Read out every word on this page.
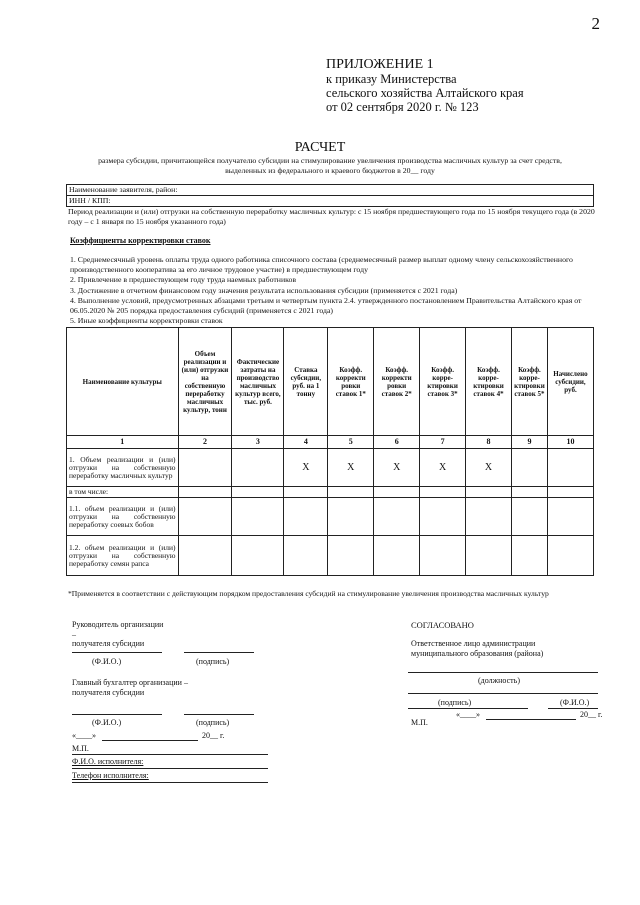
2
ПРИЛОЖЕНИЕ 1
к приказу Министерства
сельского хозяйства Алтайского края
от 02 сентября 2020 г. № 123
РАСЧЕТ
размера субсидии, причитающейся получателю субсидии на стимулирование увеличения производства масличных культур за счет средств,
выделенных из федерального и краевого бюджетов в 20__ году
Наименование заявителя, район:
ИНН / КПП:
Период реализации и (или) отгрузки на собственную переработку масличных культур: с 15 ноября предшествующего года по 15 ноября текущего года (в 2020 году – с 1 января по 15 ноября указанного года)
Коэффициенты корректировки ставок
1. Среднемесячный уровень оплаты труда одного работника списочного состава (среднемесячный размер выплат одному члену сельскохозяйственного производственного кооператива за его личное трудовое участие) в предшествующем году
2. Привлечение в предшествующем году труда наемных работников
3. Достижение в отчетном финансовом году значения результата использования субсидии (применяется с 2021 года)
4. Выполнение условий, предусмотренных абзацами третьим и четвертым пункта 2.4. утвержденного постановлением Правительства Алтайского края от 06.05.2020 № 205 порядка предоставления субсидий (применяется с 2021 года)
5. Иные коэффициенты корректировки ставок
Наименование культуры	Объем реализации и (или) отгрузки на собственную переработку масличных культур, тонн	Фактические затраты на производство масличных культур всего, тыс. руб.	Ставка субсидии, руб. на 1 тонну	Коэфф. корректи ровки ставок 1*	Коэфф. корректи ровки ставок 2*	Коэфф. корре-ктировки ставок 3*	Коэфф. корре-ктировки ставок 4*	Коэфф. корре-ктировки ставок 5*	Начислено субсидии, руб.
1	2	3	4	5	6	7	8	9	10
1. Объем реализации и (или) отгрузки на собственную переработку масличных культур			X	X	X	X	X		
в том числе:									
1.1. объем реализации и (или) отгрузки на собственную переработку соевых бобов									
1.2. объем реализации и (или) отгрузки на собственную переработку семян рапса									
*Применяется в соответствии с действующим порядком предоставления субсидий на стимулирование увеличения производства масличных культур
Руководитель организации
–
получателя субсидии
(Ф.И.О.)	(подпись)
Главный бухгалтер организации –
получателя субсидии
(Ф.И.О.)	(подпись)
«____»	20__ г.
М.П.
Ф.И.О. исполнителя:
Телефон исполнителя:
СОГЛАСОВАНО
Ответственное лицо администрации
муниципального образования (района)
(должность)
(подпись)	(Ф.И.О.)
«____»	20__ г.
М.П.
